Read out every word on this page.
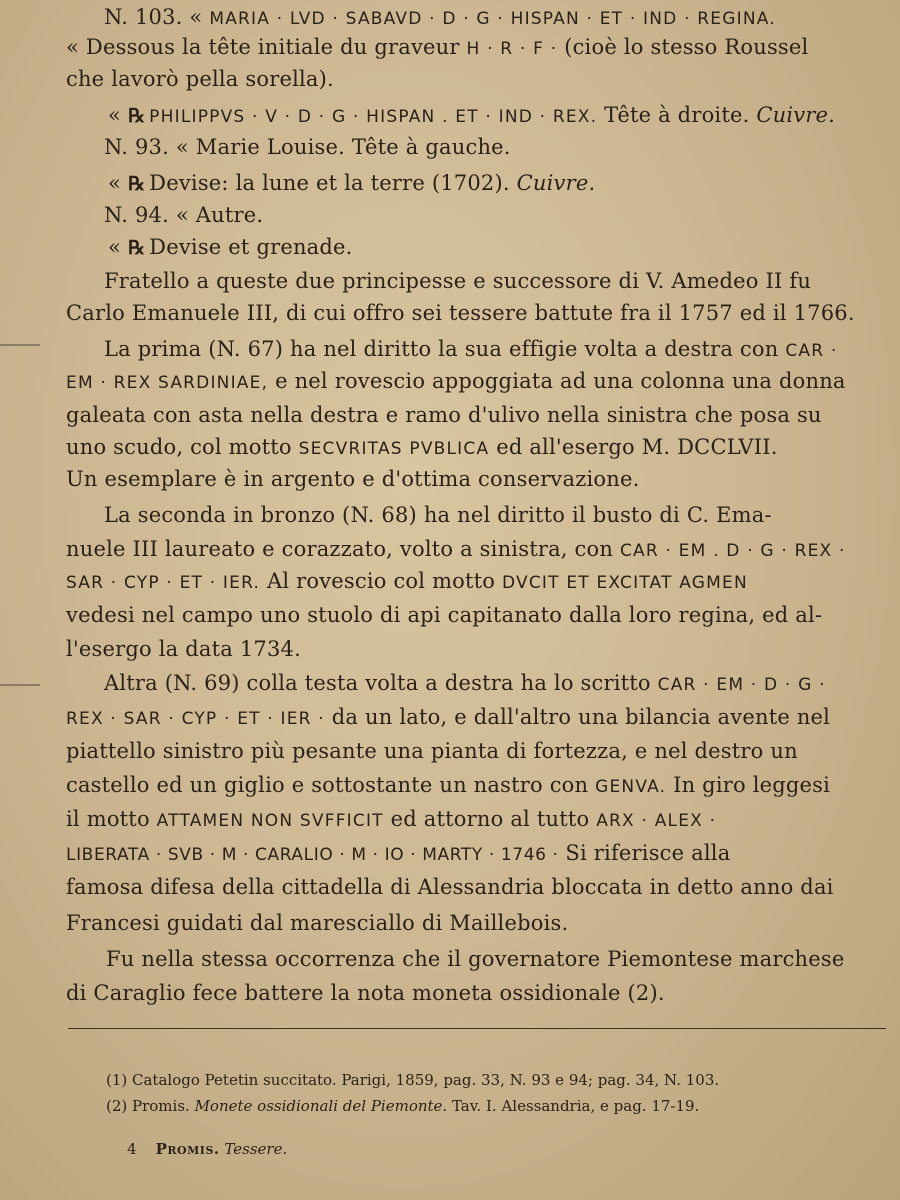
N. 103. « MARIA · LVD · SABAVD · D · G · HISPAN · ET · IND · REGINA.
« Dessous la tête initiale du graveur H · R · F · (cioè lo stesso Roussel
che lavorò pella sorella).
« ℞ PHILIPPVS · V · D · G · HISPAN . ET · IND · REX. Tête à droite. Cuivre.
N. 93. « Marie Louise. Tête à gauche.
« ℞ Devise: la lune et la terre (1702). Cuivre.
N. 94. « Autre.
« ℞ Devise et grenade.
Fratello a queste due principesse e successore di V. Amedeo II fu
Carlo Emanuele III, di cui offro sei tessere battute fra il 1757 ed il 1766.
La prima (N. 67) ha nel diritto la sua effigie volta a destra con CAR ·
EM · REX SARDINIAE, e nel rovescio appoggiata ad una colonna una donna
galeata con asta nella destra e ramo d'ulivo nella sinistra che posa su
uno scudo, col motto SECVRITAS PVBLICA ed all'esergo M. DCCLVII.
Un esemplare è in argento e d'ottima conservazione.
La seconda in bronzo (N. 68) ha nel diritto il busto di C. Ema-
nuele III laureato e corazzato, volto a sinistra, con CAR · EM . D · G · REX ·
SAR · CYP · ET · IER. Al rovescio col motto DVCIT ET EXCITAT AGMEN
vedesi nel campo uno stuolo di api capitanato dalla loro regina, ed al-
l'esergo la data 1734.
Altra (N. 69) colla testa volta a destra ha lo scritto CAR · EM · D · G ·
REX · SAR · CYP · ET · IER · da un lato, e dall'altro una bilancia avente nel
piattello sinistro più pesante una pianta di fortezza, e nel destro un
castello ed un giglio e sottostante un nastro con GENVA. In giro leggesi
il motto ATTAMEN NON SVFFICIT ed attorno al tutto ARX · ALEX ·
LIBERATA · SVB · M · CARALIO · M · IO · MARTY · 1746 · Si riferisce alla
famosa difesa della cittadella di Alessandria bloccata in detto anno dai
Francesi guidati dal maresciallo di Maillebois.
Fu nella stessa occorrenza che il governatore Piemontese marchese
di Caraglio fece battere la nota moneta ossidionale (2).
(1) Catalogo Petetin succitato. Parigi, 1859, pag. 33, N. 93 e 94; pag. 34, N. 103.
(2) Promis. Monete ossidionali del Piemonte. Tav. I. Alessandria, e pag. 17-19.
4 Promis. Tessere.
